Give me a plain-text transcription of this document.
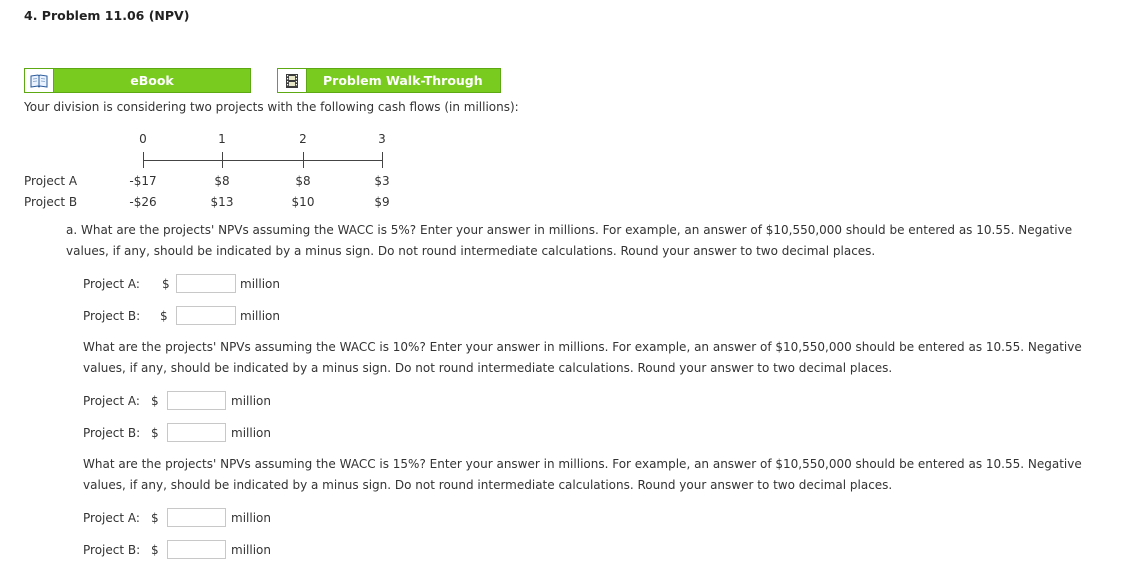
4. Problem 11.06 (NPV)
eBook	Problem Walk-Through
Your division is considering two projects with the following cash flows (in millions):
0	1	2	3
Project A	-$17	$8	$8	$3
Project B	-$26	$13	$10	$9
a. What are the projects' NPVs assuming the WACC is 5%? Enter your answer in millions. For example, an answer of $10,550,000 should be entered as 10.55. Negative values, if any, should be indicated by a minus sign. Do not round intermediate calculations. Round your answer to two decimal places.
Project A: $	million
Project B: $	million
What are the projects' NPVs assuming the WACC is 10%? Enter your answer in millions. For example, an answer of $10,550,000 should be entered as 10.55. Negative values, if any, should be indicated by a minus sign. Do not round intermediate calculations. Round your answer to two decimal places.
Project A: $	million
Project B: $	million
What are the projects' NPVs assuming the WACC is 15%? Enter your answer in millions. For example, an answer of $10,550,000 should be entered as 10.55. Negative values, if any, should be indicated by a minus sign. Do not round intermediate calculations. Round your answer to two decimal places.
Project A: $	million
Project B: $	million
